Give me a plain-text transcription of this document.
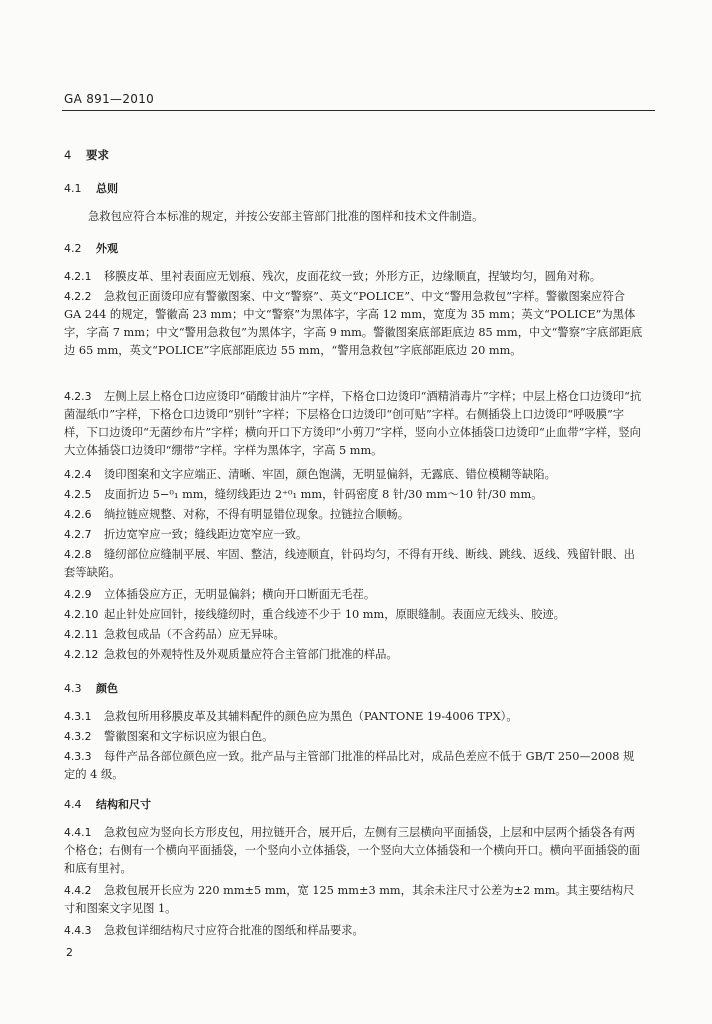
GA 891—2010
4 要求
4.1 总则
急救包应符合本标准的规定，并按公安部主管部门批准的图样和技术文件制造。
4.2 外观
4.2.1 移膜皮革、里衬表面应无划痕、残次，皮面花纹一致；外形方正，边缘顺直，捏皱均匀，圆角对称。
4.2.2 急救包正面烫印应有警徽图案、中文“警察”、英文“POLICE”、中文“警用急救包”字样。警徽图案应符合 GA 244 的规定，警徽高 23 mm；中文“警察”为黑体字，字高 12 mm，宽度为 35 mm；英文“POLICE”为黑体字，字高 7 mm；中文“警用急救包”为黑体字，字高 9 mm。警徽图案底部距底边 85 mm，中文“警察”字底部距底边 65 mm，英文“POLICE”字底部距底边 55 mm，“警用急救包”字底部距底边 20 mm。
4.2.3 左侧上层上格仓口边应烫印“硝酸甘油片”字样，下格仓口边烫印“酒精消毒片”字样；中层上格仓口边烫印“抗菌湿纸巾”字样，下格仓口边烫印“别针”字样；下层格仓口边烫印“创可贴”字样。右侧插袋上口边烫印“呼吸膜”字样，下口边烫印“无菌纱布片”字样；横向开口下方烫印“小剪刀”字样，竖向小立体插袋口边烫印“止血带”字样，竖向大立体插袋口边烫印“绷带”字样。字样为黑体字，字高 5 mm。
4.2.4 烫印图案和文字应端正、清晰、牢固，颜色饱满，无明显偏斜，无露底、错位模糊等缺陷。
4.2.5 皮面折边 5−⁰₁ mm，缝纫线距边 2⁺⁰₁ mm，针码密度 8 针/30 mm～10 针/30 mm。
4.2.6 绱拉链应规整、对称，不得有明显错位现象。拉链拉合顺畅。
4.2.7 折边宽窄应一致；缝线距边宽窄应一致。
4.2.8 缝纫部位应缝制平展、牢固、整洁，线迹顺直，针码均匀，不得有开线、断线、跳线、返线、残留针眼、出套等缺陷。
4.2.9 立体插袋应方正，无明显偏斜；横向开口断面无毛茬。
4.2.10 起止针处应回针，接线缝纫时，重合线迹不少于 10 mm，原眼缝制。表面应无线头、胶迹。
4.2.11 急救包成品（不含药品）应无异味。
4.2.12 急救包的外观特性及外观质量应符合主管部门批准的样品。
4.3 颜色
4.3.1 急救包所用移膜皮革及其辅料配件的颜色应为黑色（PANTONE 19-4006 TPX）。
4.3.2 警徽图案和文字标识应为银白色。
4.3.3 每件产品各部位颜色应一致。批产品与主管部门批准的样品比对，成品色差应不低于 GB/T 250—2008 规定的 4 级。
4.4 结构和尺寸
4.4.1 急救包应为竖向长方形皮包，用拉链开合，展开后，左侧有三层横向平面插袋，上层和中层两个插袋各有两个格仓；右侧有一个横向平面插袋，一个竖向小立体插袋，一个竖向大立体插袋和一个横向开口。横向平面插袋的面和底有里衬。
4.4.2 急救包展开长应为 220 mm±5 mm，宽 125 mm±3 mm，其余未注尺寸公差为±2 mm。其主要结构尺寸和图案文字见图 1。
4.4.3 急救包详细结构尺寸应符合批准的图纸和样品要求。
2
